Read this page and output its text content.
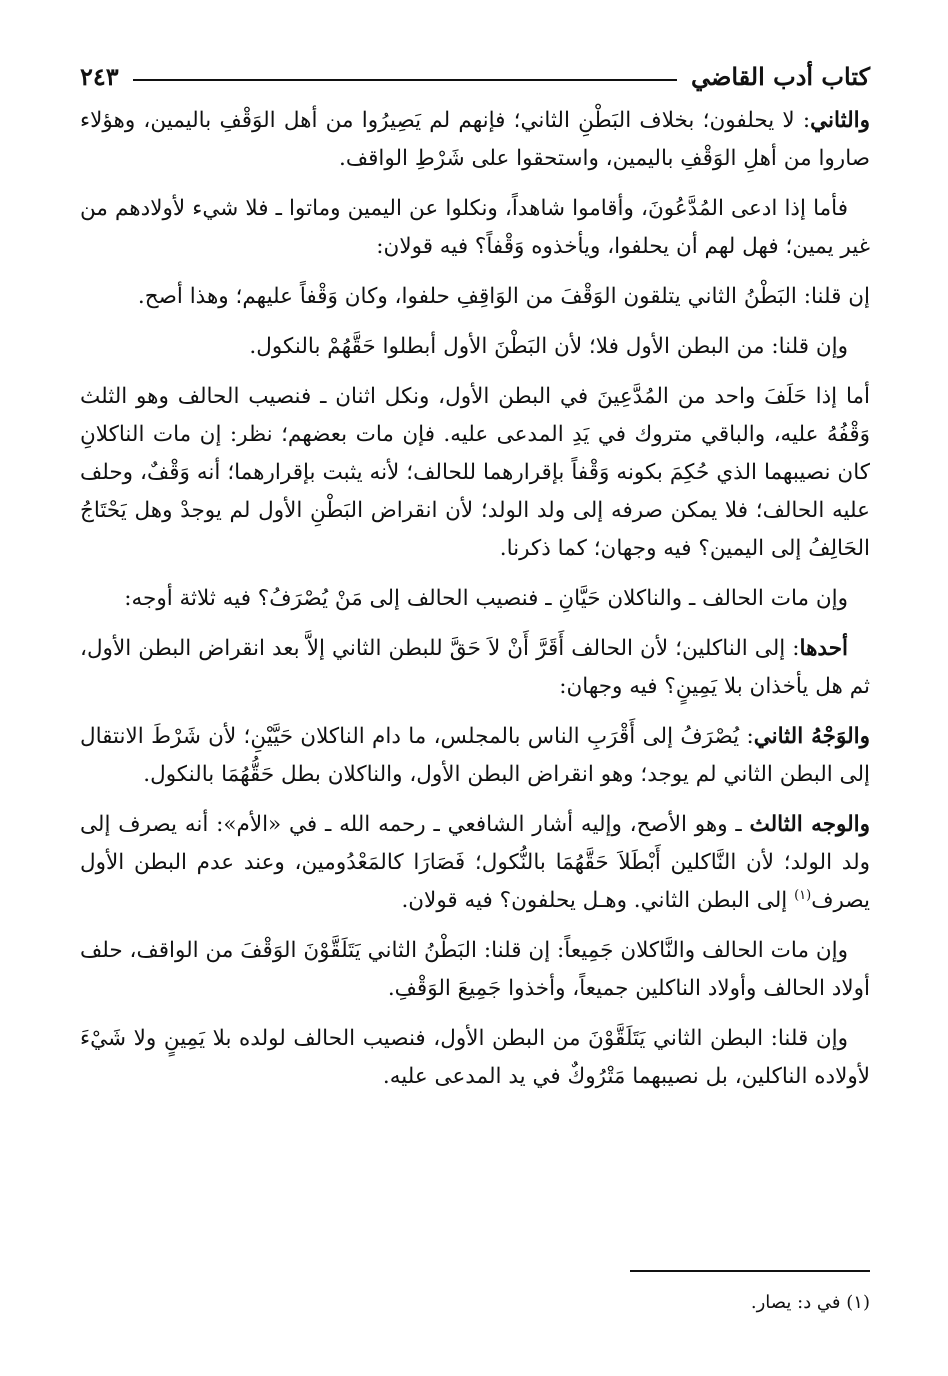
كتاب أدب القاضي
٢٤٣

والثاني: لا يحلفون؛ بخلاف البَطْنِ الثاني؛ فإنهم لم يَصِيرُوا من أهل الوَقْفِ باليمين، وهؤلاء صاروا من أهلِ الوَقْفِ باليمين، واستحقوا على شَرْطِ الواقف.

فأما إذا ادعى المُدَّعُونَ، وأقاموا شاهداً، ونكلوا عن اليمين وماتوا ـ فلا شيء لأولادهم من غير يمين؛ فهل لهم أن يحلفوا، ويأخذوه وَقْفاً؟ فيه قولان:

إن قلنا: البَطْنُ الثاني يتلقون الوَقْفَ من الوَاقِفِ حلفوا، وكان وَقْفاً عليهم؛ وهذا أصح.

وإن قلنا: من البطن الأول فلا؛ لأن البَطْنَ الأول أبطلوا حَقَّهُمْ بالنكول.

أما إذا حَلَفَ واحد من المُدَّعِينَ في البطن الأول، ونكل اثنان ـ فنصيب الحالف وهو الثلث وَقْفُهُ عليه، والباقي متروك في يَدِ المدعى عليه. فإن مات بعضهم؛ نظر: إن مات الناكلانِ كان نصيبهما الذي حُكِمَ بكونه وَقْفاً بإقرارهما للحالف؛ لأنه يثبت بإقرارهما؛ أنه وَقْفٌ، وحلف عليه الحالف؛ فلا يمكن صرفه إلى ولد الولد؛ لأن انقراض البَطْنِ الأول لم يوجدْ وهل يَحْتَاجُ الحَالِفُ إلى اليمين؟ فيه وجهان؛ كما ذكرنا.

وإن مات الحالف ـ والناكلان حَيَّانِ ـ فنصيب الحالف إلى مَنْ يُصْرَفُ؟ فيه ثلاثة أوجه:

أحدها: إلى الناكلين؛ لأن الحالف أَقَرَّ أَنْ لاَ حَقَّ للبطن الثاني إلاَّ بعد انقراض البطن الأول، ثم هل يأخذان بلا يَمِينٍ؟ فيه وجهان:

والوَجْهُ الثاني: يُصْرَفُ إلى أَقْرَبِ الناس بالمجلس، ما دام الناكلان حَيَّيْنِ؛ لأن شَرْطَ الانتقال إلى البطن الثاني لم يوجد؛ وهو انقراض البطن الأول، والناكلان بطل حَقُّهُمَا بالنكول.

والوجه الثالث ـ وهو الأصح، وإليه أشار الشافعي ـ رحمه الله ـ في «الأم»: أنه يصرف إلى ولد الولد؛ لأن النَّاكلين أَبْطَلاَ حَقَّهُمَا بالنُّكول؛ فَصَارَا كالمَعْدُومين، وعند عدم البطن الأول يصرف$^{(١)}$ إلى البطن الثاني. وهـل يحلفون؟ فيه قولان.

وإن مات الحالف والنَّاكلان جَمِيعاً: إن قلنا: البَطْنُ الثاني يَتَلَقَّوْنَ الوَقْفَ من الواقف، حلف أولاد الحالف وأولاد الناكلين جميعاً، وأخذوا جَمِيعَ الوَقْفِ.

وإن قلنا: البطن الثاني يَتَلَقَّوْنَ من البطن الأول، فنصيب الحالف لولده بلا يَمِينٍ ولا شَيْءَ لأولاده الناكلين، بل نصيبهما مَتْرُوكٌ في يد المدعى عليه.

(١) في د: يصار.
